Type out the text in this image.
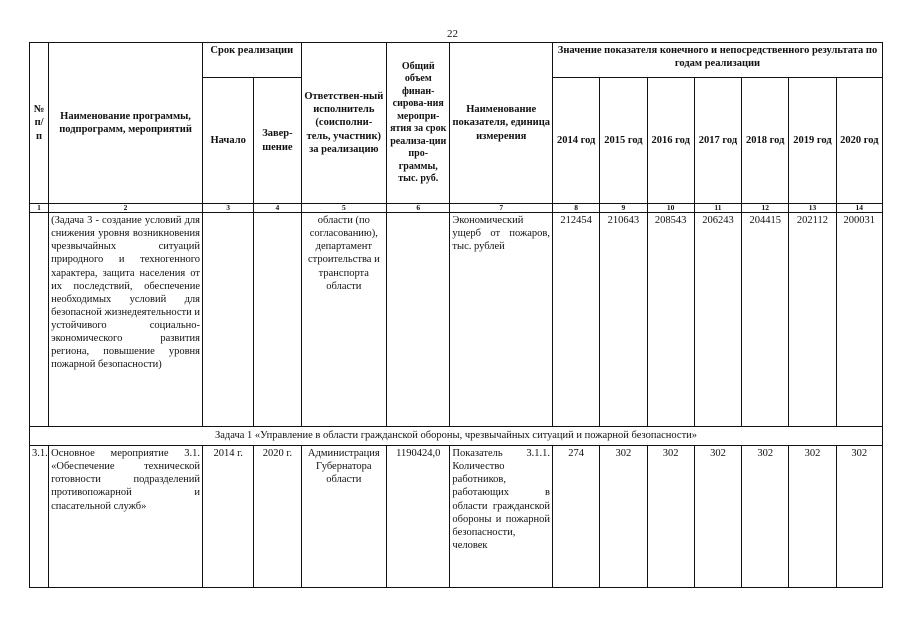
22
№ п/п	Наименование программы, подпрограмм, мероприятий	Срок реализации		Ответствен-ный исполнитель (соисполни-тель, участник) за реализацию	Общий объем финан-сирова-ния меропри-ятия за срок реализа-ции про-граммы, тыс. руб.	Наименование показателя, единица измерения	Значение показателя конечного и непосредственного результата по годам реализации						
		Начало	Завер-шение				2014 год	2015 год	2016 год	2017 год	2018 год	2019 год	2020 год
1	2	3	4	5	6	7	8	9	10	11	12	13	14
	(Задача 3 - создание условий для снижения уровня возникновения чрезвычайных ситуаций природного и техногенного характера, защита населения от их последствий, обеспечение необходимых условий для безопасной жизнедеятельности и устойчивого социально-экономического развития региона, повышение уровня пожарной безопасности)			области (по согласованию), департамент строительства и транспорта области		Экономический ущерб от пожаров, тыс. рублей	212454	210643	208543	206243	204415	202112	200031
Задача 1 «Управление в области гражданской обороны, чрезвычайных ситуаций и пожарной безопасности»													
3.1.	Основное мероприятие 3.1. «Обеспечение технической готовности подразделений противопожарной и спасательной служб»	2014 г.	2020 г.	Администрация Губернатора области	1190424,0	Показатель 3.1.1. Количество работников, работающих в области гражданской обороны и пожарной безопасности, человек	274	302	302	302	302	302	302
